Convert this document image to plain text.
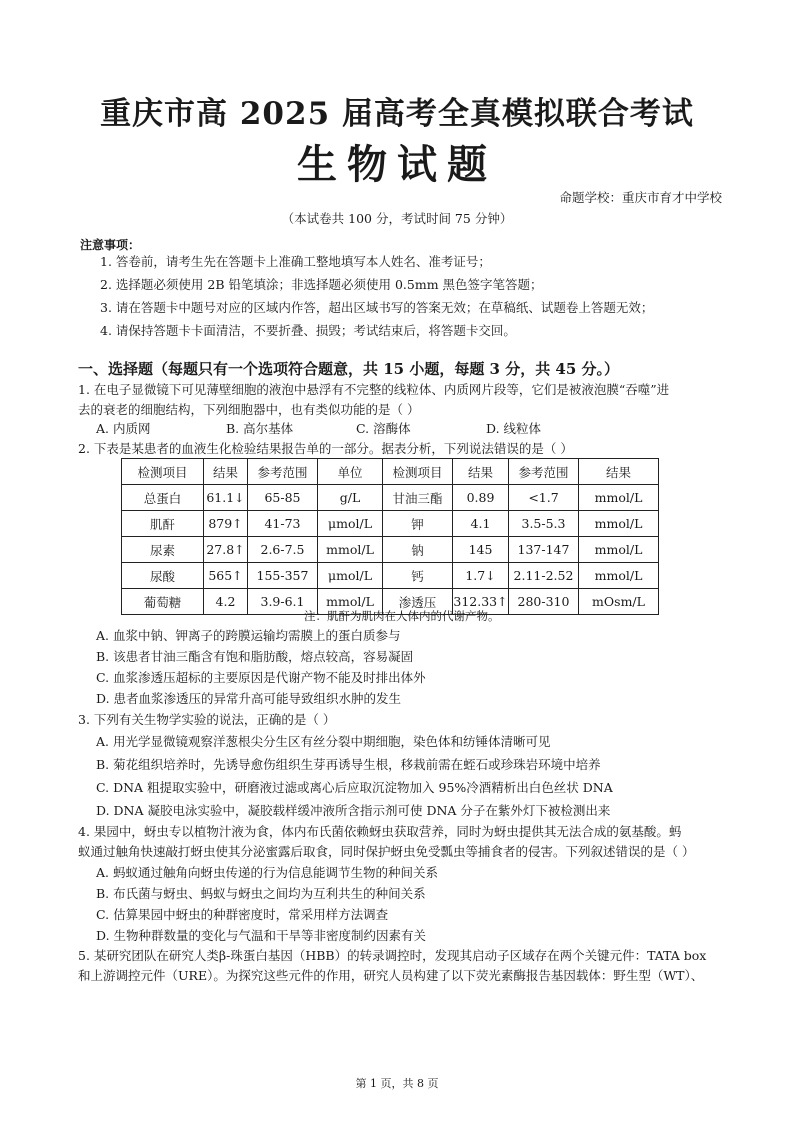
重庆市高 2025 届高考全真模拟联合考试
生物试题
命题学校：重庆市育才中学校
（本试卷共 100 分，考试时间 75 分钟）
注意事项：
1. 答卷前，请考生先在答题卡上准确工整地填写本人姓名、准考证号；
2. 选择题必须使用 2B 铅笔填涂；非选择题必须使用 0.5mm 黑色签字笔答题；
3. 请在答题卡中题号对应的区域内作答，超出区域书写的答案无效；在草稿纸、试题卷上答题无效；
4. 请保持答题卡卡面清洁，不要折叠、损毁；考试结束后，将答题卡交回。
一、选择题（每题只有一个选项符合题意，共 15 小题，每题 3 分，共 45 分。）
1. 在电子显微镜下可见薄壁细胞的液泡中悬浮有不完整的线粒体、内质网片段等，它们是被液泡膜“吞噬”进
去的衰老的细胞结构，下列细胞器中，也有类似功能的是（ ）
A. 内质网	B. 高尔基体	C. 溶酶体	D. 线粒体
2. 下表是某患者的血液生化检验结果报告单的一部分。据表分析，下列说法错误的是（ ）
检测项目	结果	参考范围	单位	检测项目	结果	参考范围	结果
总蛋白	61.1↓	65-85	g/L	甘油三酯	0.89	<1.7	mmol/L
肌酐	879↑	41-73	μmol/L	钾	4.1	3.5-5.3	mmol/L
尿素	27.8↑	2.6-7.5	mmol/L	钠	145	137-147	mmol/L
尿酸	565↑	155-357	μmol/L	钙	1.7↓	2.11-2.52	mmol/L
葡萄糖	4.2	3.9-6.1	mmol/L	渗透压	312.33↑	280-310	mOsm/L
注：肌酐为肌肉在人体内的代谢产物。
A. 血浆中钠、钾离子的跨膜运输均需膜上的蛋白质参与
B. 该患者甘油三酯含有饱和脂肪酸，熔点较高，容易凝固
C. 血浆渗透压超标的主要原因是代谢产物不能及时排出体外
D. 患者血浆渗透压的异常升高可能导致组织水肿的发生
3. 下列有关生物学实验的说法，正确的是（ ）
A. 用光学显微镜观察洋葱根尖分生区有丝分裂中期细胞，染色体和纺锤体清晰可见
B. 菊花组织培养时，先诱导愈伤组织生芽再诱导生根，移栽前需在蛭石或珍珠岩环境中培养
C. DNA 粗提取实验中，研磨液过滤或离心后应取沉淀物加入 95%冷酒精析出白色丝状 DNA
D. DNA 凝胶电泳实验中，凝胶载样缓冲液所含指示剂可使 DNA 分子在紫外灯下被检测出来
4. 果园中，蚜虫专以植物汁液为食，体内布氏菌依赖蚜虫获取营养，同时为蚜虫提供其无法合成的氨基酸。蚂
蚁通过触角快速敲打蚜虫使其分泌蜜露后取食，同时保护蚜虫免受瓢虫等捕食者的侵害。下列叙述错误的是（ ）
A. 蚂蚁通过触角向蚜虫传递的行为信息能调节生物的种间关系
B. 布氏菌与蚜虫、蚂蚁与蚜虫之间均为互利共生的种间关系
C. 估算果园中蚜虫的种群密度时，常采用样方法调查
D. 生物种群数量的变化与气温和干旱等非密度制约因素有关
5. 某研究团队在研究人类β-珠蛋白基因（HBB）的转录调控时，发现其启动子区域存在两个关键元件：TATA box
和上游调控元件（URE）。为探究这些元件的作用，研究人员构建了以下荧光素酶报告基因载体：野生型（WT）、
第 1 页，共 8 页
